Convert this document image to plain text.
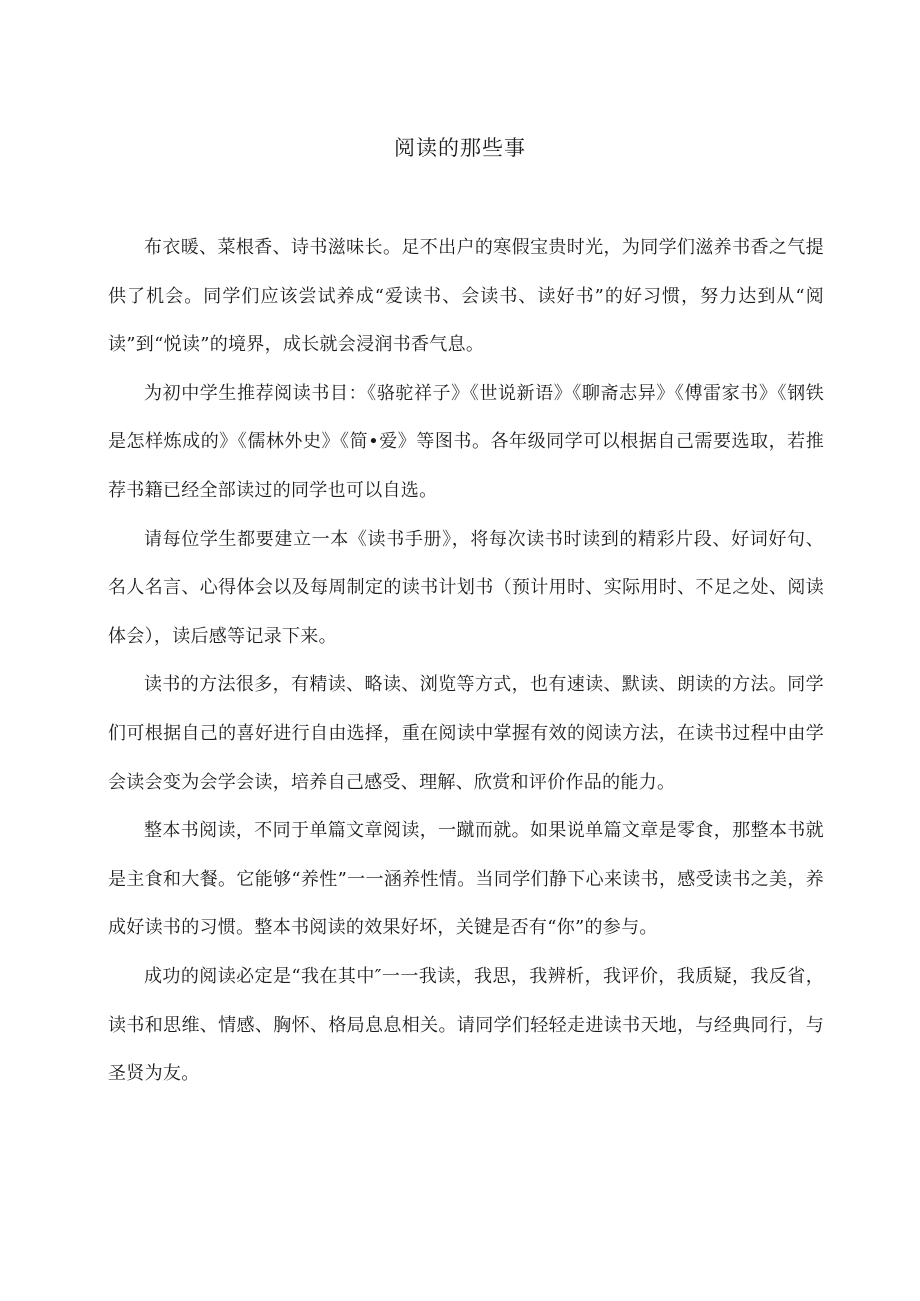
阅读的那些事

布衣暖、菜根香、诗书滋味长。足不出户的寒假宝贵时光，为同学们滋养书香之气提供了机会。同学们应该尝试养成“爱读书、会读书、读好书”的好习惯，努力达到从“阅读”到“悦读”的境界，成长就会浸润书香气息。

为初中学生推荐阅读书目：《骆驼祥子》《世说新语》《聊斋志异》《傅雷家书》《钢铁是怎样炼成的》《儒林外史》《简•爱》等图书。各年级同学可以根据自己需要选取，若推荐书籍已经全部读过的同学也可以自选。

请每位学生都要建立一本《读书手册》，将每次读书时读到的精彩片段、好词好句、名人名言、心得体会以及每周制定的读书计划书（预计用时、实际用时、不足之处、阅读体会），读后感等记录下来。

读书的方法很多，有精读、略读、浏览等方式，也有速读、默读、朗读的方法。同学们可根据自己的喜好进行自由选择，重在阅读中掌握有效的阅读方法，在读书过程中由学会读会变为会学会读，培养自己感受、理解、欣赏和评价作品的能力。

整本书阅读，不同于单篇文章阅读，一蹴而就。如果说单篇文章是零食，那整本书就是主食和大餐。它能够“养性”一一涵养性情。当同学们静下心来读书，感受读书之美，养成好读书的习惯。整本书阅读的效果好坏，关键是否有“你”的参与。

成功的阅读必定是“我在其中″一一我读，我思，我辨析，我评价，我质疑，我反省，读书和思维、情感、胸怀、格局息息相关。请同学们轻轻走进读书天地，与经典同行，与圣贤为友。
